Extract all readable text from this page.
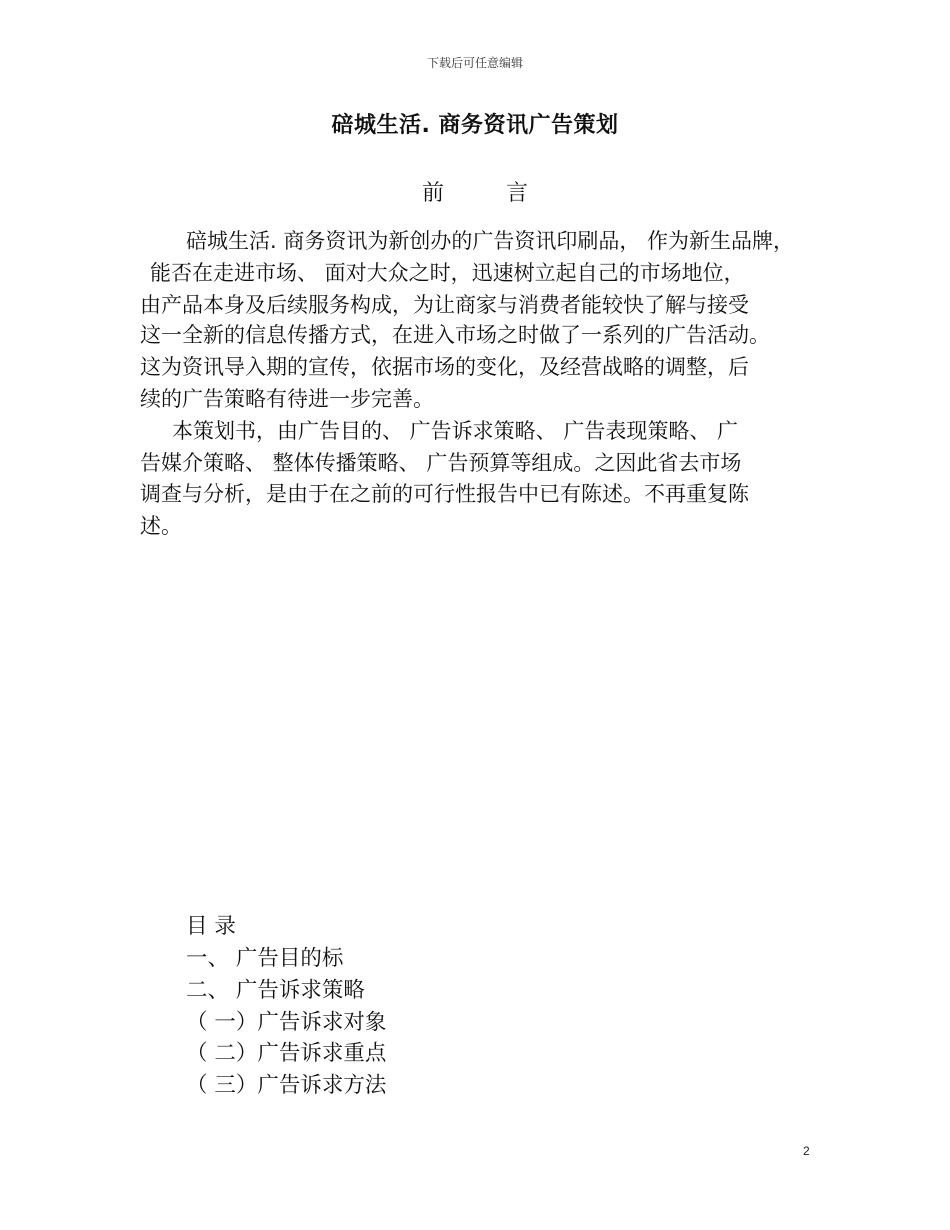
下载后可任意编辑
碚城生活. 商务资讯广告策划
前	言
碚城生活. 商务资讯为新创办的广告资讯印刷品， 作为新生品牌，
能否在走进市场、 面对大众之时，迅速树立起自己的市场地位，
由产品本身及后续服务构成，为让商家与消费者能较快了解与接受
这一全新的信息传播方式，在进入市场之时做了一系列的广告活动。
这为资讯导入期的宣传，依据市场的变化，及经营战略的调整，后
续的广告策略有待进一步完善。
本策划书，由广告目的、 广告诉求策略、 广告表现策略、 广
告媒介策略、 整体传播策略、 广告预算等组成。之因此省去市场
调查与分析，是由于在之前的可行性报告中已有陈述。不再重复陈
述。
目 录
一、 广告目的标
二、 广告诉求策略
（ 一）广告诉求对象
（ 二）广告诉求重点
（ 三）广告诉求方法
2
